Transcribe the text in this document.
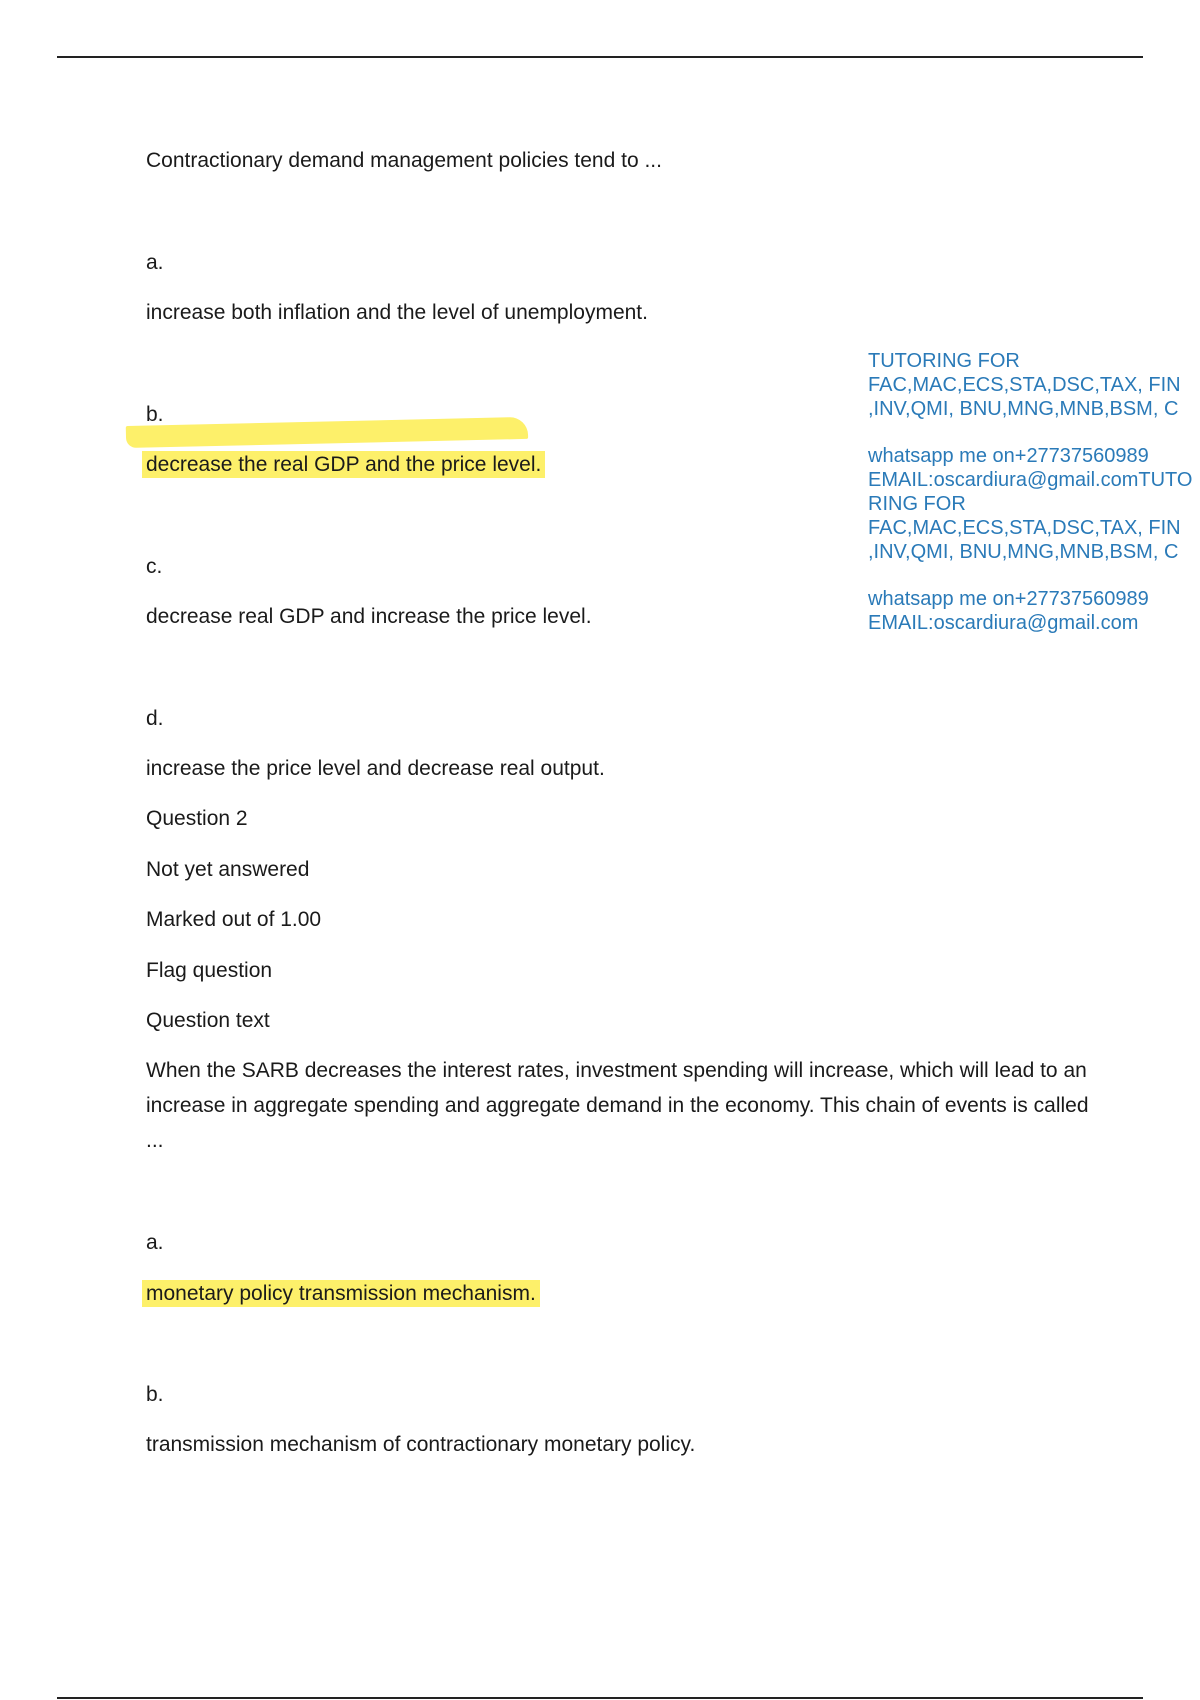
Contractionary demand management policies tend to ...
a.
increase both inflation and the level of unemployment.
b.
decrease the real GDP and the price level.
c.
decrease real GDP and increase the price level.
d.
increase the price level and decrease real output.
Question 2
Not yet answered
Marked out of 1.00
Flag question
Question text
When the SARB decreases the interest rates, investment spending will increase, which will lead to an increase in aggregate spending and aggregate demand in the economy. This chain of events is called ...
a.
monetary policy transmission mechanism.
b.
transmission mechanism of contractionary monetary policy.
TUTORING FOR
FAC,MAC,ECS,STA,DSC,TAX, FIN
,INV,QMI, BNU,MNG,MNB,BSM, C
whatsapp me on+27737560989
EMAIL:oscardiura@gmail.comTUTO
RING FOR
FAC,MAC,ECS,STA,DSC,TAX, FIN
,INV,QMI, BNU,MNG,MNB,BSM, C
whatsapp me on+27737560989
EMAIL:oscardiura@gmail.com
